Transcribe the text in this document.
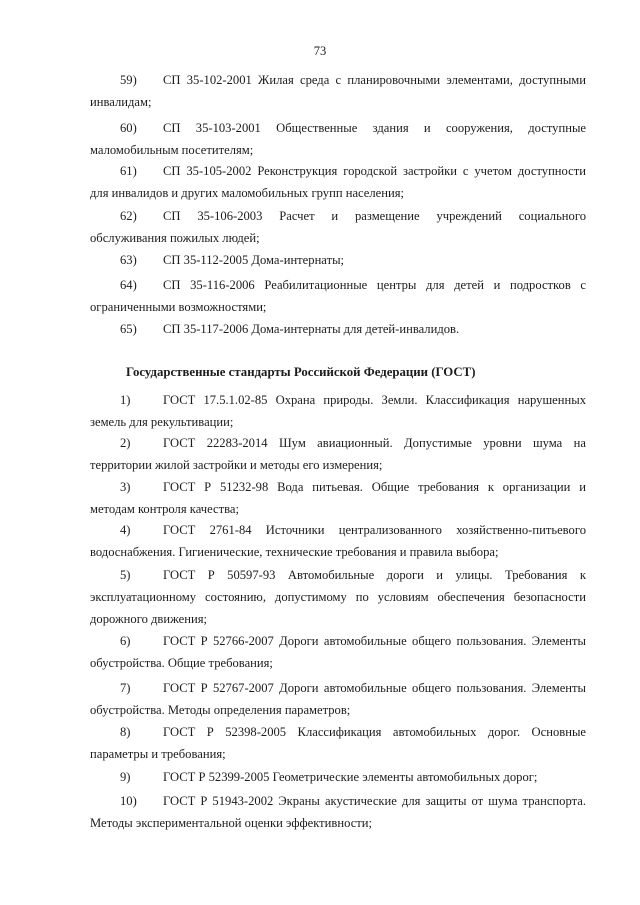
73
59) СП 35-102-2001 Жилая среда с планировочными элементами, доступными
инвалидам;
60) СП 35-103-2001 Общественные здания и сооружения, доступные
маломобильным посетителям;
61) СП 35-105-2002 Реконструкция городской застройки с учетом доступности
для инвалидов и других маломобильных групп населения;
62) СП 35-106-2003 Расчет и размещение учреждений социального
обслуживания пожилых людей;
63) СП 35-112-2005 Дома-интернаты;
64) СП 35-116-2006 Реабилитационные центры для детей и подростков с
ограниченными возможностями;
65) СП 35-117-2006 Дома-интернаты для детей-инвалидов.
Государственные стандарты Российской Федерации (ГОСТ)
1)	ГОСТ 17.5.1.02-85 Охрана природы. Земли. Классификация нарушенных
земель для рекультивации;
2)	ГОСТ 22283-2014 Шум авиационный. Допустимые уровни шума на
территории жилой застройки и методы его измерения;
3)	ГОСТ Р 51232-98 Вода питьевая. Общие требования к организации и
методам контроля качества;
4)	ГОСТ 2761-84 Источники централизованного хозяйственно-питьевого
водоснабжения. Гигиенические, технические требования и правила выбора;
5)	ГОСТ Р 50597-93 Автомобильные дороги и улицы. Требования к
эксплуатационному состоянию, допустимому по условиям обеспечения безопасности
дорожного движения;
6)	ГОСТ Р 52766-2007 Дороги автомобильные общего пользования. Элементы
обустройства. Общие требования;
7)	ГОСТ Р 52767-2007 Дороги автомобильные общего пользования. Элементы
обустройства. Методы определения параметров;
8)	ГОСТ Р 52398-2005 Классификация автомобильных дорог. Основные
параметры и требования;
9)	ГОСТ Р 52399-2005 Геометрические элементы автомобильных дорог;
10) ГОСТ Р 51943-2002 Экраны акустические для защиты от шума транспорта.
Методы экспериментальной оценки эффективности;
